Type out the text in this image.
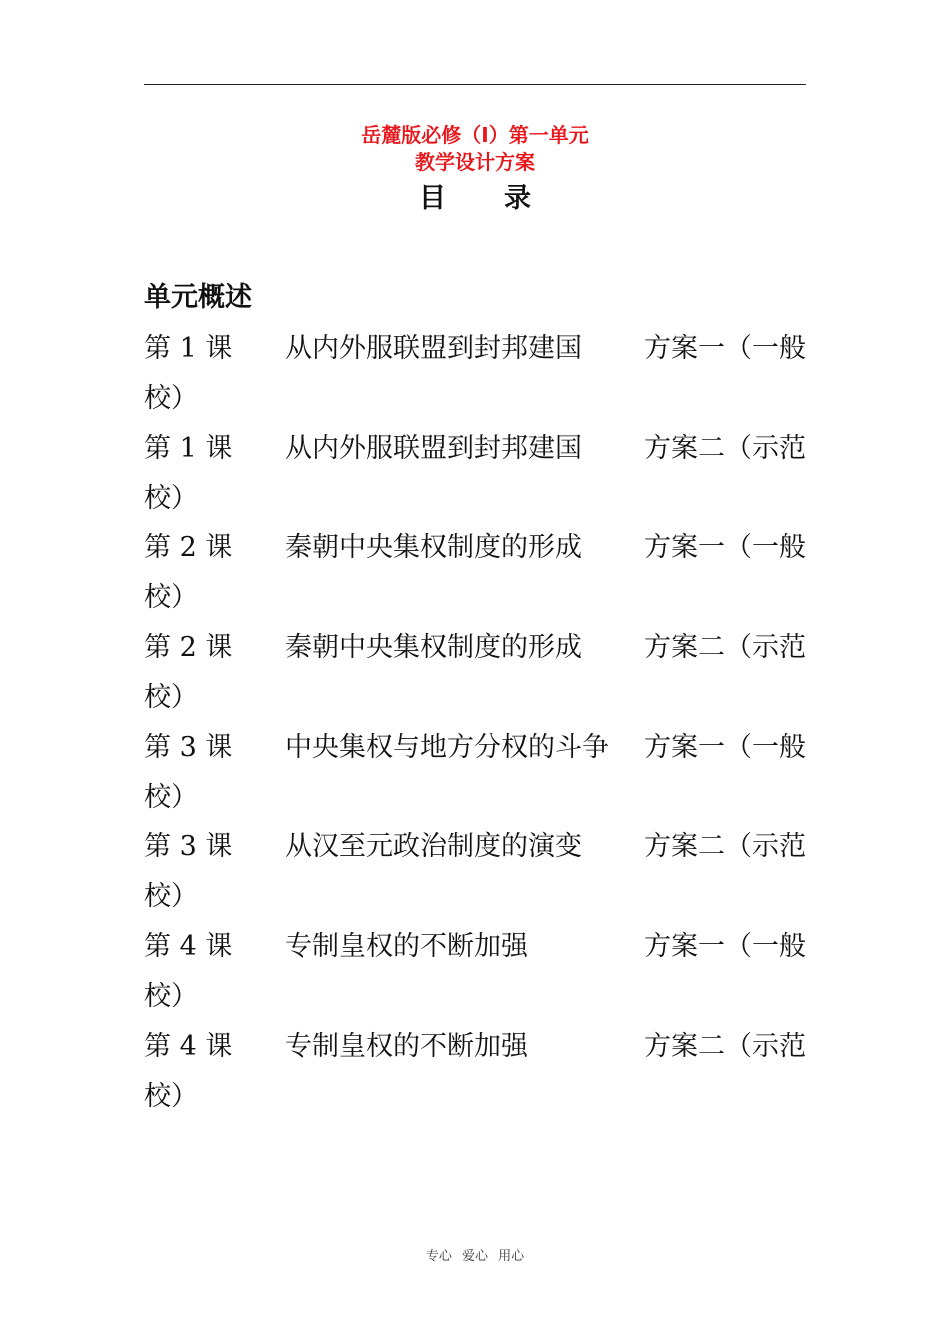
岳麓版必修（Ⅰ）第一单元
教学设计方案
目 录
单元概述
第 1 课 从内外服联盟到封邦建国 方案一（一般
校）
第 1 课 从内外服联盟到封邦建国 方案二（示范
校）
第 2 课 秦朝中央集权制度的形成 方案一（一般
校）
第 2 课 秦朝中央集权制度的形成 方案二（示范
校）
第 3 课 中央集权与地方分权的斗争 方案一（一般
校）
第 3 课 从汉至元政治制度的演变 方案二（示范
校）
第 4 课 专制皇权的不断加强	方案一（一般
校）
第 4 课 专制皇权的不断加强	方案二（示范
校）
专心 爱心 用心
